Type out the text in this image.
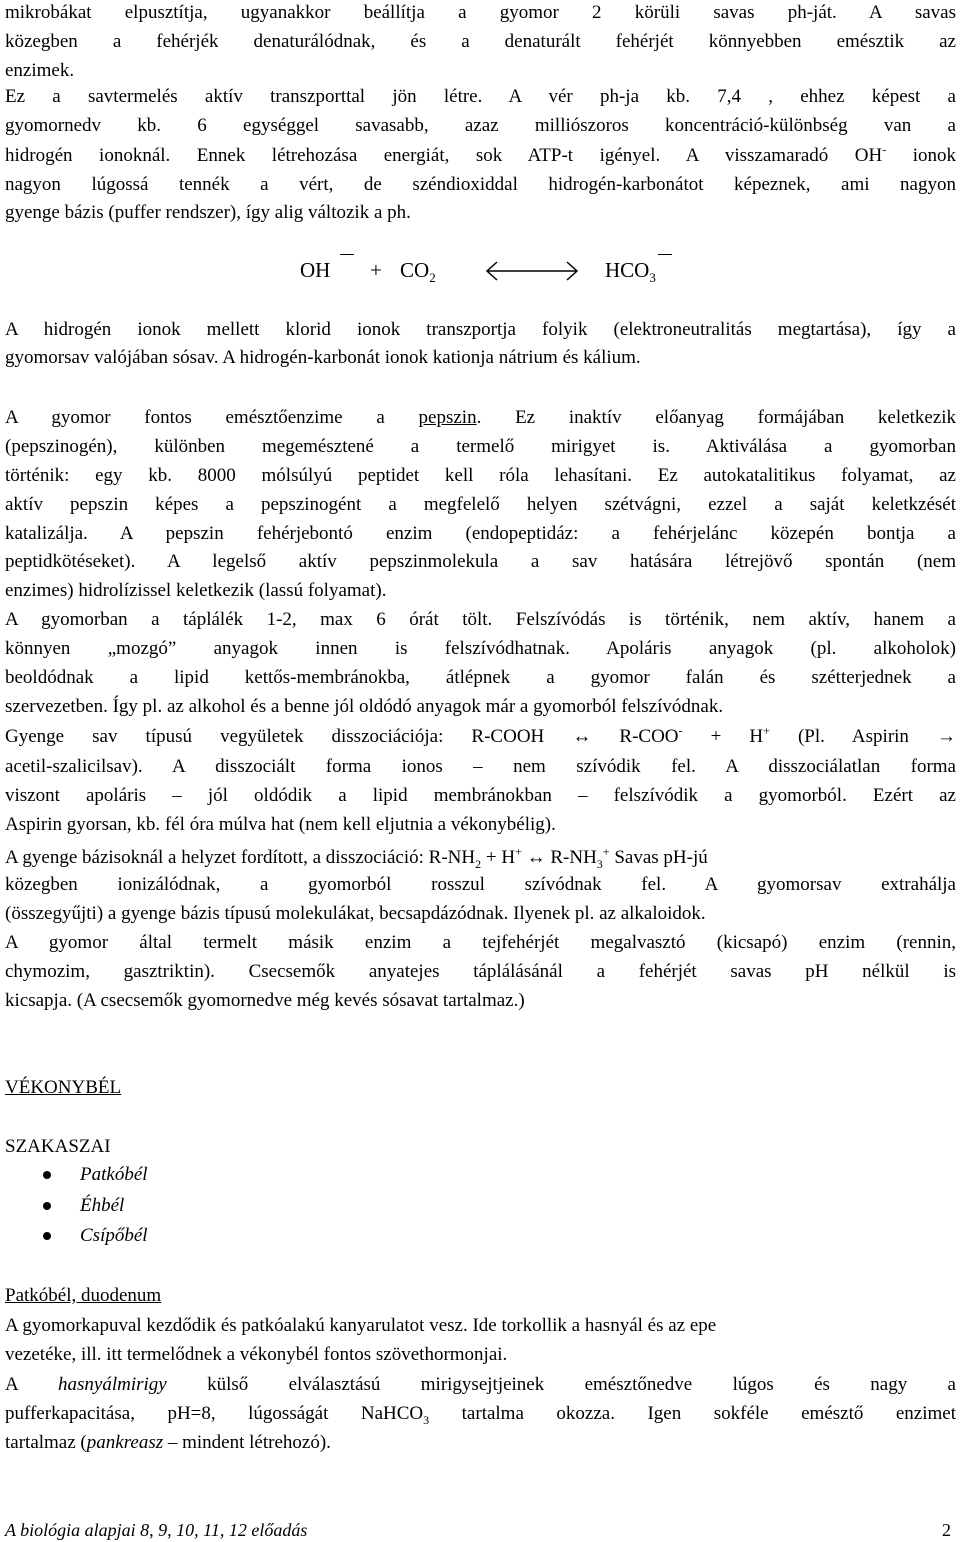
mikrobákat elpusztítja, ugyanakkor beállítja a gyomor 2 körüli savas ph-ját. A savas
közegben a fehérjék denaturálódnak, és a denaturált fehérjét könnyebben emésztik az
enzimek.
Ez a savtermelés aktív transzporttal jön létre. A vér ph-ja kb. 7,4 , ehhez képest a
gyomornedv kb. 6 egységgel savasabb, azaz milliószoros koncentráció-különbség van a
hidrogén ionoknál. Ennek létrehozása energiát, sok ATP-t igényel. A visszamaradó OH- ionok
nagyon lúgossá tennék a vért, de széndioxiddal hidrogén-karbonátot képeznek, ami nagyon
gyenge bázis (puffer rendszer), így alig változik a ph.
OH + $CO_2$	$HCO_3$
A hidrogén ionok mellett klorid ionok transzportja folyik (elektroneutralitás megtartása), így a
gyomorsav valójában sósav. A hidrogén-karbonát ionok kationja nátrium és kálium.
A gyomor fontos emésztőenzime a pepszin. Ez inaktív előanyag formájában keletkezik
(pepszinogén), különben megemésztené a termelő mirigyet is. Aktiválása a gyomorban
történik: egy kb. 8000 mólsúlyú peptidet kell róla lehasítani. Ez autokatalitikus folyamat, az
aktív pepszin képes a pepszinogént a megfelelő helyen szétvágni, ezzel a saját keletkzését
katalizálja. A pepszin fehérjebontó enzim (endopeptidáz: a fehérjelánc közepén bontja a
peptidkötéseket). A legelső aktív pepszinmolekula a sav hatására létrejövő spontán (nem
enzimes) hidrolízissel keletkezik (lassú folyamat).
A gyomorban a táplálék 1-2, max 6 órát tölt. Felszívódás is történik, nem aktív, hanem a
könnyen „mozgó” anyagok innen is felszívódhatnak. Apoláris anyagok (pl. alkoholok)
beoldódnak a lipid kettős-membránokba, átlépnek a gyomor falán és szétterjednek a
szervezetben. Így pl. az alkohol és a benne jól oldódó anyagok már a gyomorból felszívódnak.
Gyenge sav típusú vegyületek disszociációja: R-COOH ↔ R-COO- + H+ (Pl. Aspirin →
acetil-szalicilsav). A disszociált forma ionos – nem szívódik fel. A disszociálatlan forma
viszont apoláris – jól oldódik a lipid membránokban – felszívódik a gyomorból. Ezért az
Aspirin gyorsan, kb. fél óra múlva hat (nem kell eljutnia a vékonybélig).
A gyenge bázisoknál a helyzet fordított, a disszociáció: $R-NH_2 + H^+$ ↔ $R-NH_3^+$ Savas pH-jú
közegben ionizálódnak, a gyomorból rosszul szívódnak fel. A gyomorsav extrahálja
(összegyűjti) a gyenge bázis típusú molekulákat, becsapdázódnak. Ilyenek pl. az alkaloidok.
A gyomor által termelt másik enzim a tejfehérjét megalvasztó (kicsapó) enzim (rennin,
chymozim, gasztriktin). Csecsemők anyatejes táplálásánál a fehérjét savas pH nélkül is
kicsapja. (A csecsemők gyomornedve még kevés sósavat tartalmaz.)
VÉKONYBÉL
SZAKASZAI
Patkóbél
Éhbél
Csípőbél
Patkóbél, duodenum
A gyomorkapuval kezdődik és patkóalakú kanyarulatot vesz. Ide torkollik a hasnyál és az epe
vezetéke, ill. itt termelődnek a vékonybél fontos szövethormonjai.
A hasnyálmirigy külső elválasztású mirigysejtjeinek emésztőnedve lúgos és nagy a
pufferkapacitása, pH=8, lúgosságát NaHCO$_3$ tartalma okozza. Igen sokféle emésztő enzimet
tartalmaz (pankreasz – mindent létrehozó).
A biológia alapjai 8, 9, 10, 11, 12 előadás	2
